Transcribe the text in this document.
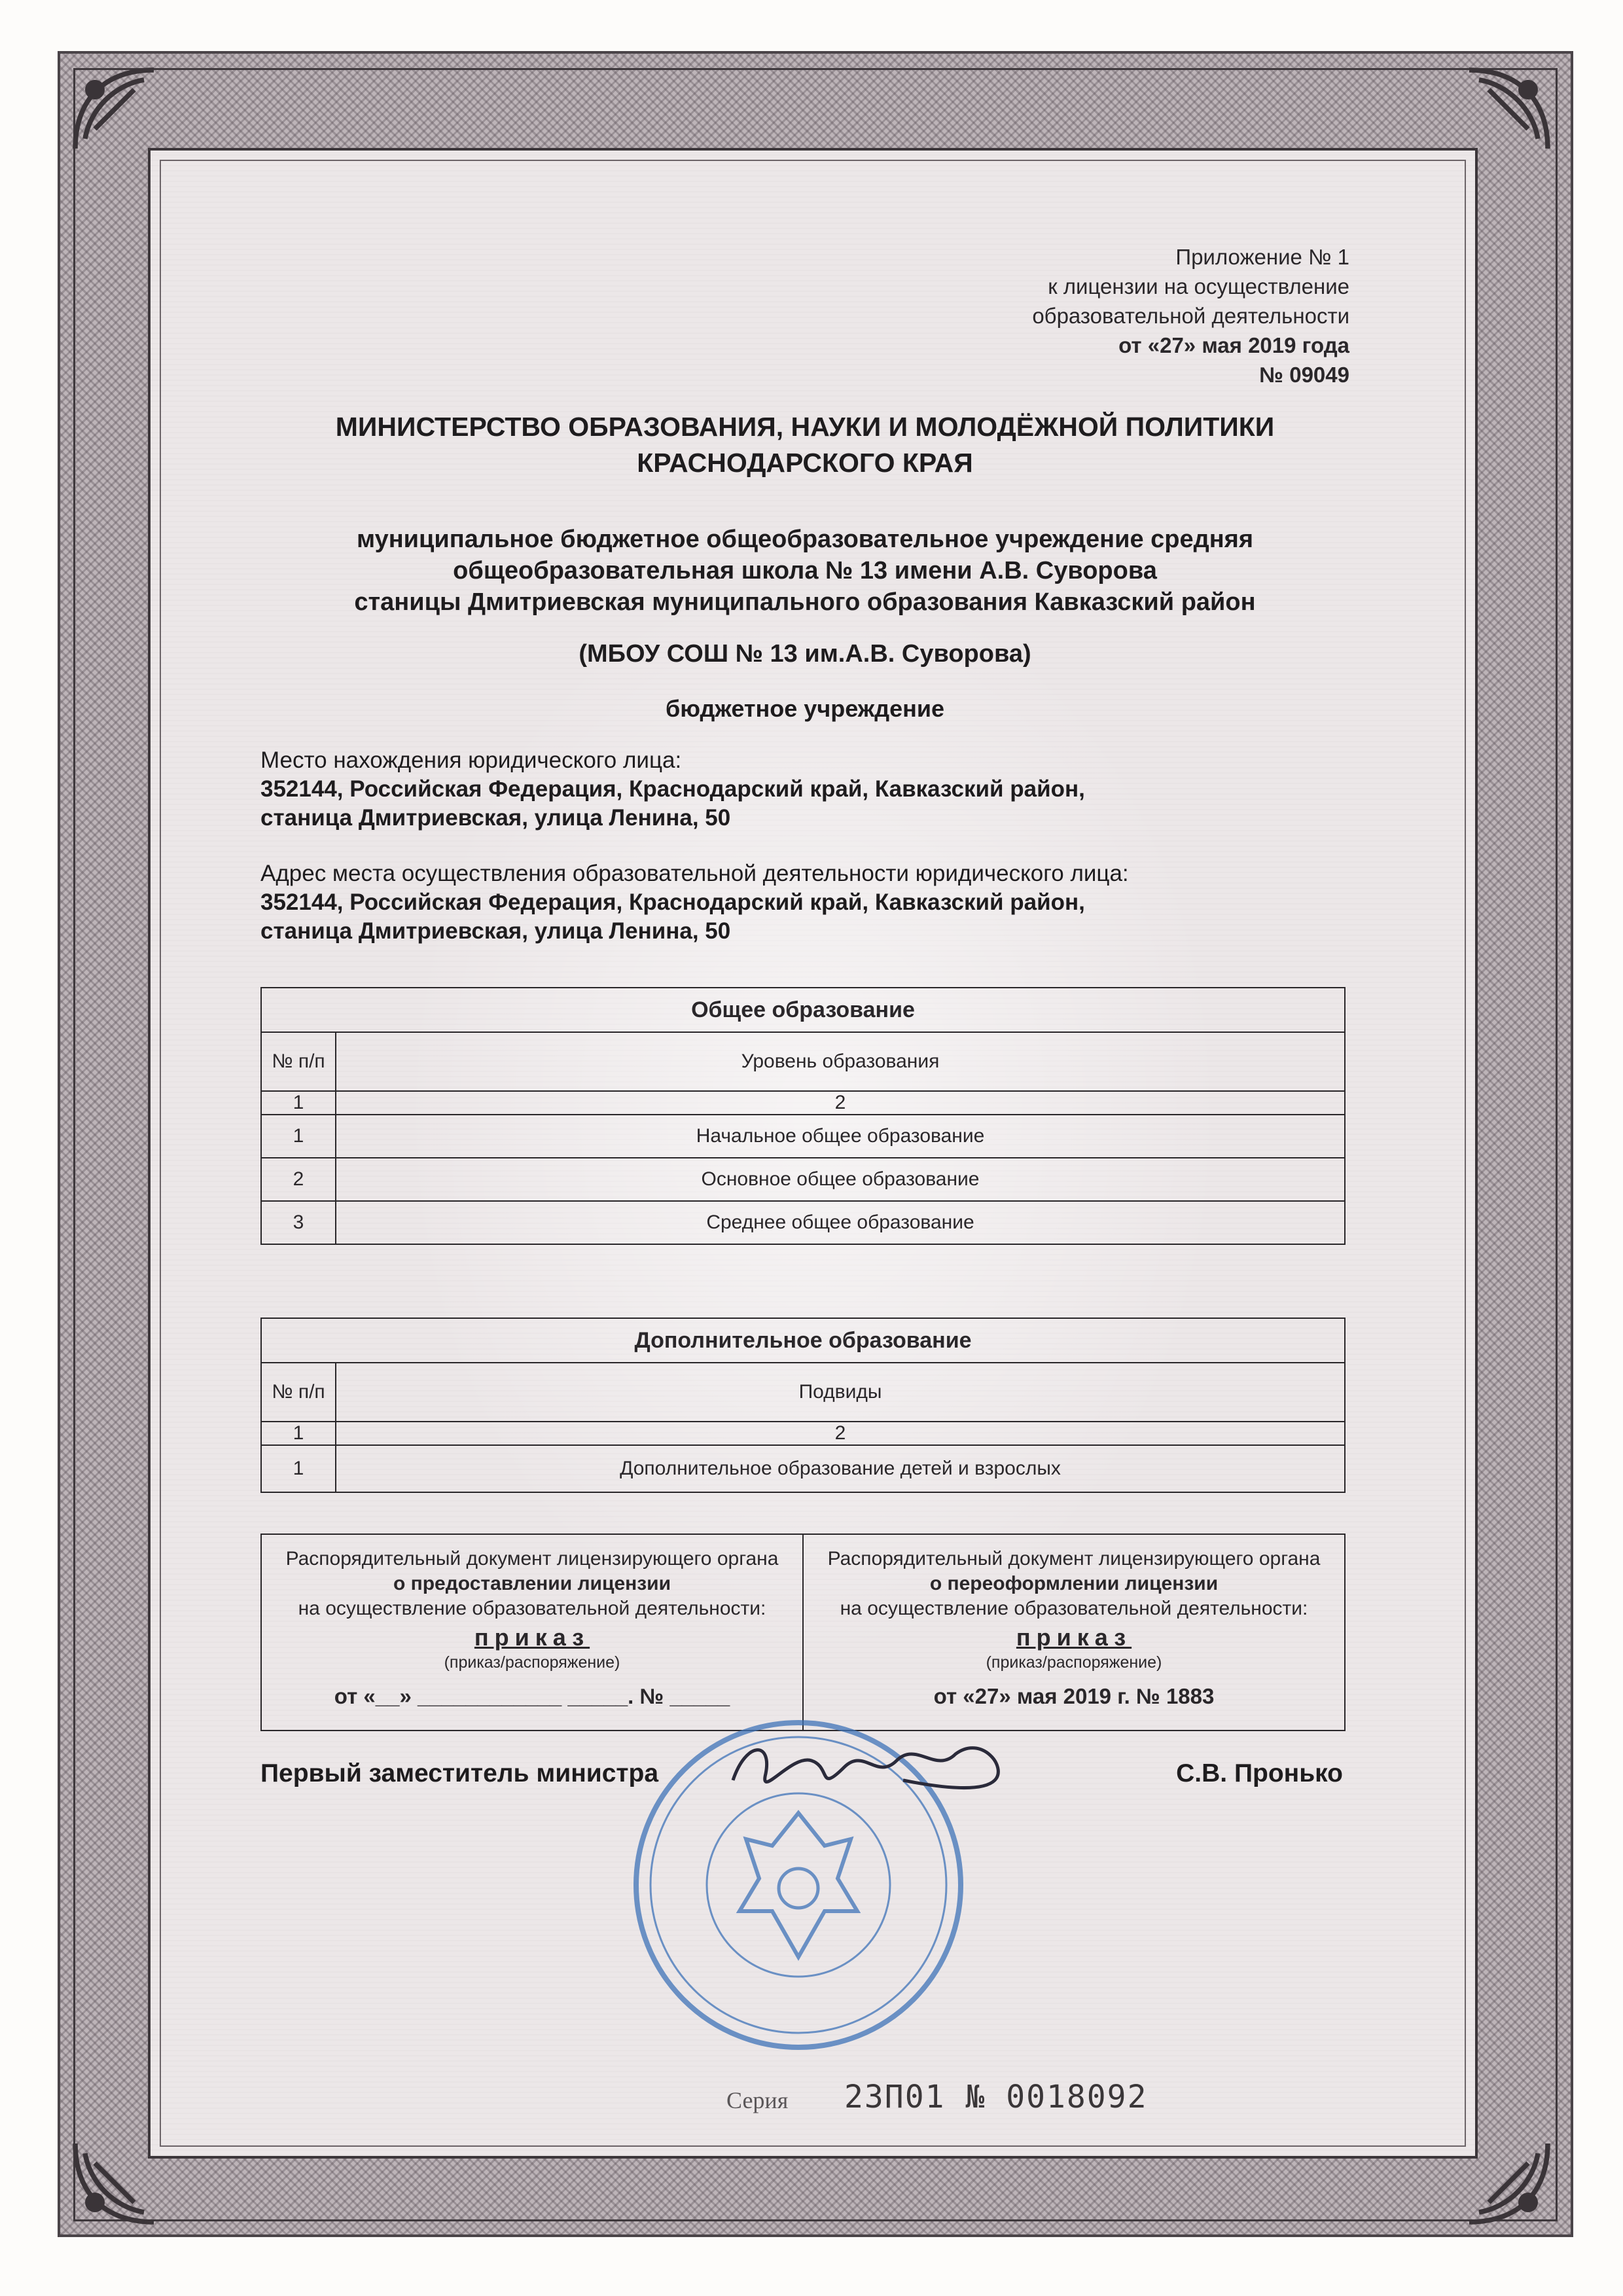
Приложение № 1
к лицензии на осуществление
образовательной деятельности
от «27» мая 2019 года
№ 09049
МИНИСТЕРСТВО ОБРАЗОВАНИЯ, НАУКИ И МОЛОДЁЖНОЙ ПОЛИТИКИ
КРАСНОДАРСКОГО КРАЯ
муниципальное бюджетное общеобразовательное учреждение средняя
общеобразовательная школа № 13 имени А.В. Суворова
станицы Дмитриевская муниципального образования Кавказский район
(МБОУ СОШ № 13 им.А.В. Суворова)
бюджетное учреждение
Место нахождения юридического лица:
352144, Российская Федерация, Краснодарский край, Кавказский район,
станица Дмитриевская, улица Ленина, 50
Адрес места осуществления образовательной деятельности юридического лица:
352144, Российская Федерация, Краснодарский край, Кавказский район,
станица Дмитриевская, улица Ленина, 50
Общее образование	
№ п/п	Уровень образования
1	2
1	Начальное общее образование
2	Основное общее образование
3	Среднее общее образование
Дополнительное образование	
№ п/п	Подвиды
1	2
1	Дополнительное образование детей и взрослых
Распорядительный документ лицензирующего органа
о предоставлении лицензии
на осуществление образовательной деятельности:
приказ
(приказ/распоряжение)
от «__» ____________ _____. № _____

Распорядительный документ лицензирующего органа
о переоформлении лицензии
на осуществление образовательной деятельности:
приказ
(приказ/распоряжение)
от «27» мая 2019 г. № 1883
Первый заместитель министра	С.В. Пронько
Серия 23П01 № 0018092
